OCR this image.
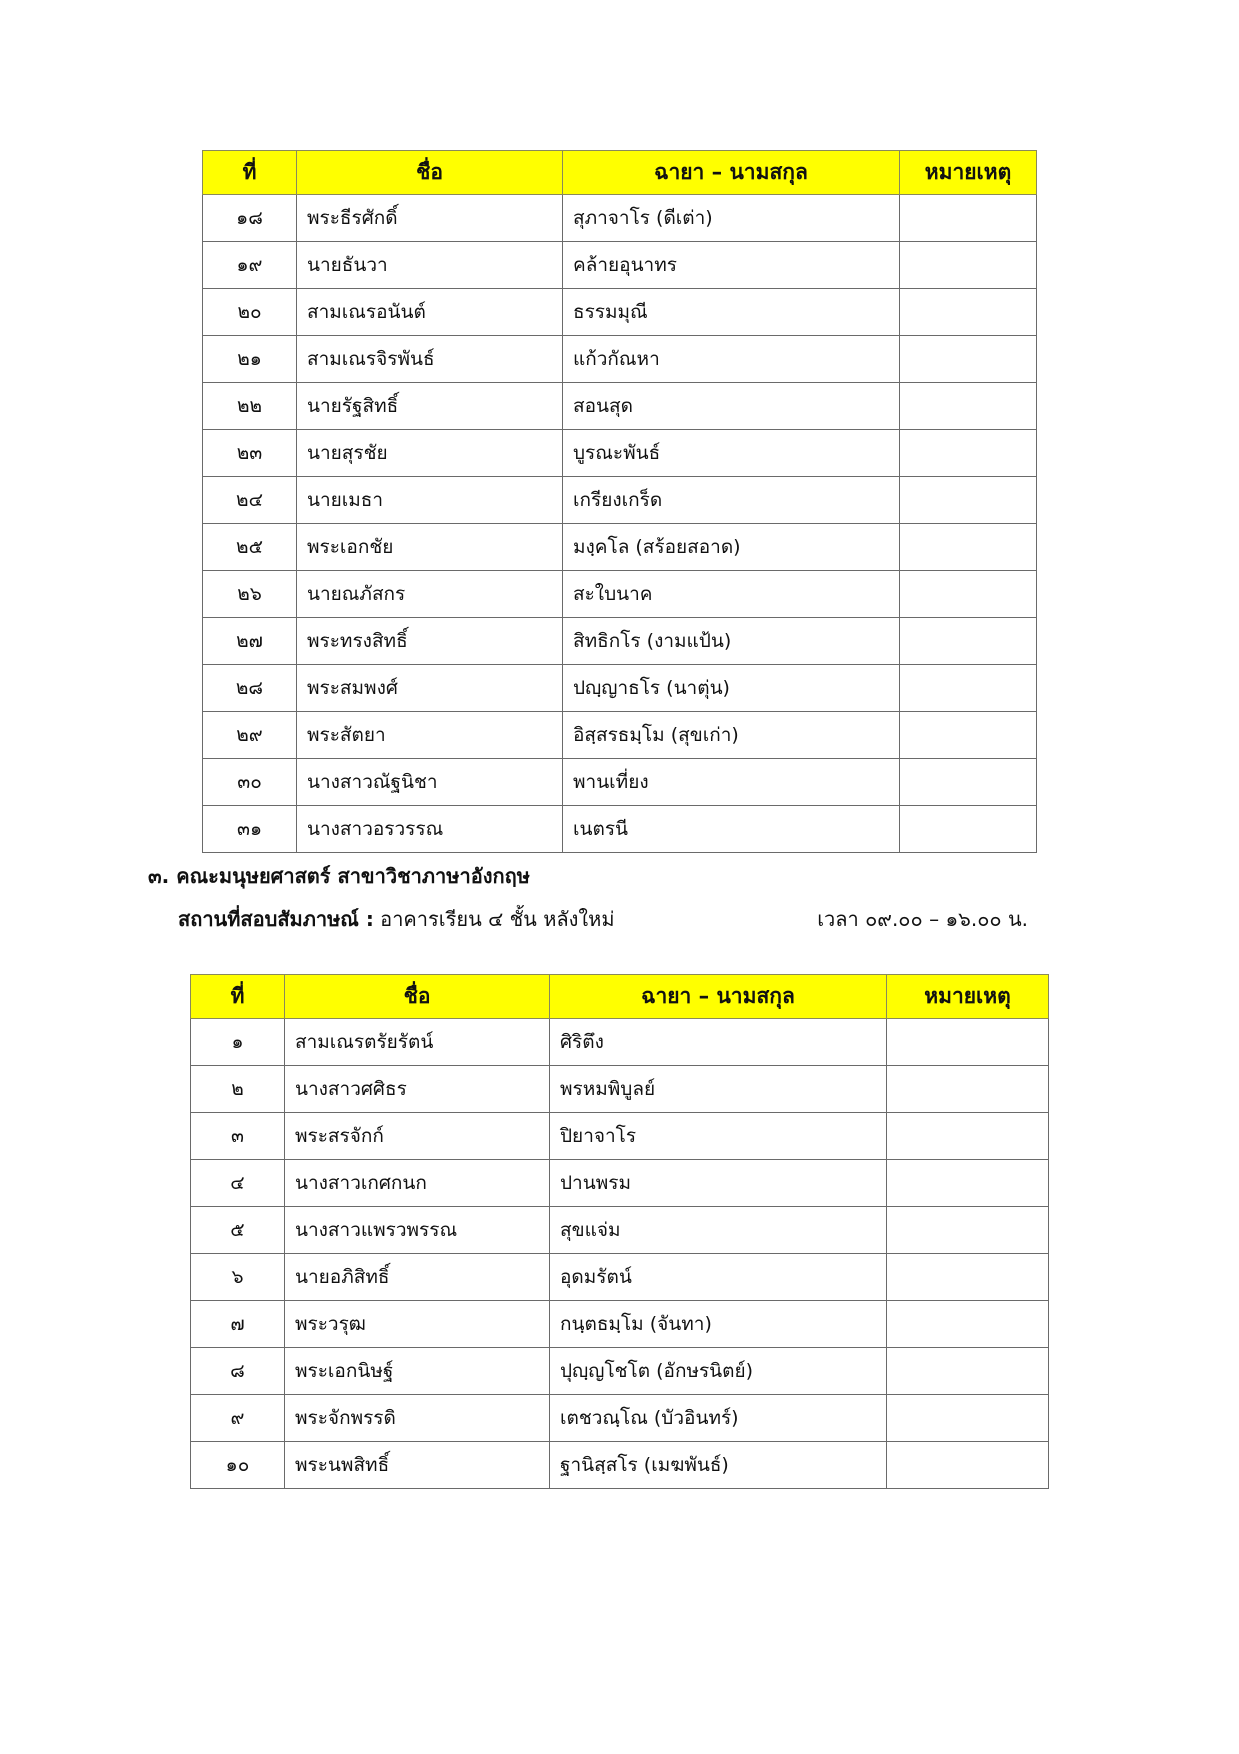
ที่	ชื่อ	ฉายา – นามสกุล	หมายเหตุ
๑๘	พระธีรศักดิ์	สุภาจาโร (ดีเต่า)	
๑๙	นายธันวา	คล้ายอุนาทร	
๒๐	สามเณรอนันต์	ธรรมมุณี	
๒๑	สามเณรจิรพันธ์	แก้วกัณหา	
๒๒	นายรัฐสิทธิ์	สอนสุด	
๒๓	นายสุรชัย	บูรณะพันธ์	
๒๔	นายเมธา	เกรียงเกร็ด	
๒๕	พระเอกชัย	มงฺคโล (สร้อยสอาด)	
๒๖	นายณภัสกร	สะใบนาค	
๒๗	พระทรงสิทธิ์	สิทธิกโร (งามแป้น)	
๒๘	พระสมพงศ์	ปญฺญาธโร (นาตุ่น)	
๒๙	พระสัตยา	อิสฺสรธมฺโม (สุขเก่า)	
๓๐	นางสาวณัฐนิชา	พานเที่ยง	
๓๑	นางสาวอรวรรณ	เนตรนี	
๓. คณะมนุษยศาสตร์ สาขาวิชาภาษาอังกฤษ
สถานที่สอบสัมภาษณ์ : อาคารเรียน ๔ ชั้น หลังใหม่	เวลา ๐๙.๐๐ – ๑๖.๐๐ น.
ที่	ชื่อ	ฉายา – นามสกุล	หมายเหตุ
๑	สามเณรตรัยรัตน์	ศิริตึง	
๒	นางสาวศศิธร	พรหมพิบูลย์	
๓	พระสรจักก์	ปิยาจาโร	
๔	นางสาวเกศกนก	ปานพรม	
๕	นางสาวแพรวพรรณ	สุขแจ่ม	
๖	นายอภิสิทธิ์	อุดมรัตน์	
๗	พระวรุฒ	กนฺตธมฺโม (จันทา)	
๘	พระเอกนิษฐ์	ปุญฺญโชโต (อักษรนิตย์)	
๙	พระจักพรรดิ	เตชวณฺโณ (บัวอินทร์)	
๑๐	พระนพสิทธิ์	ฐานิสฺสโร (เมฆพันธ์)	
